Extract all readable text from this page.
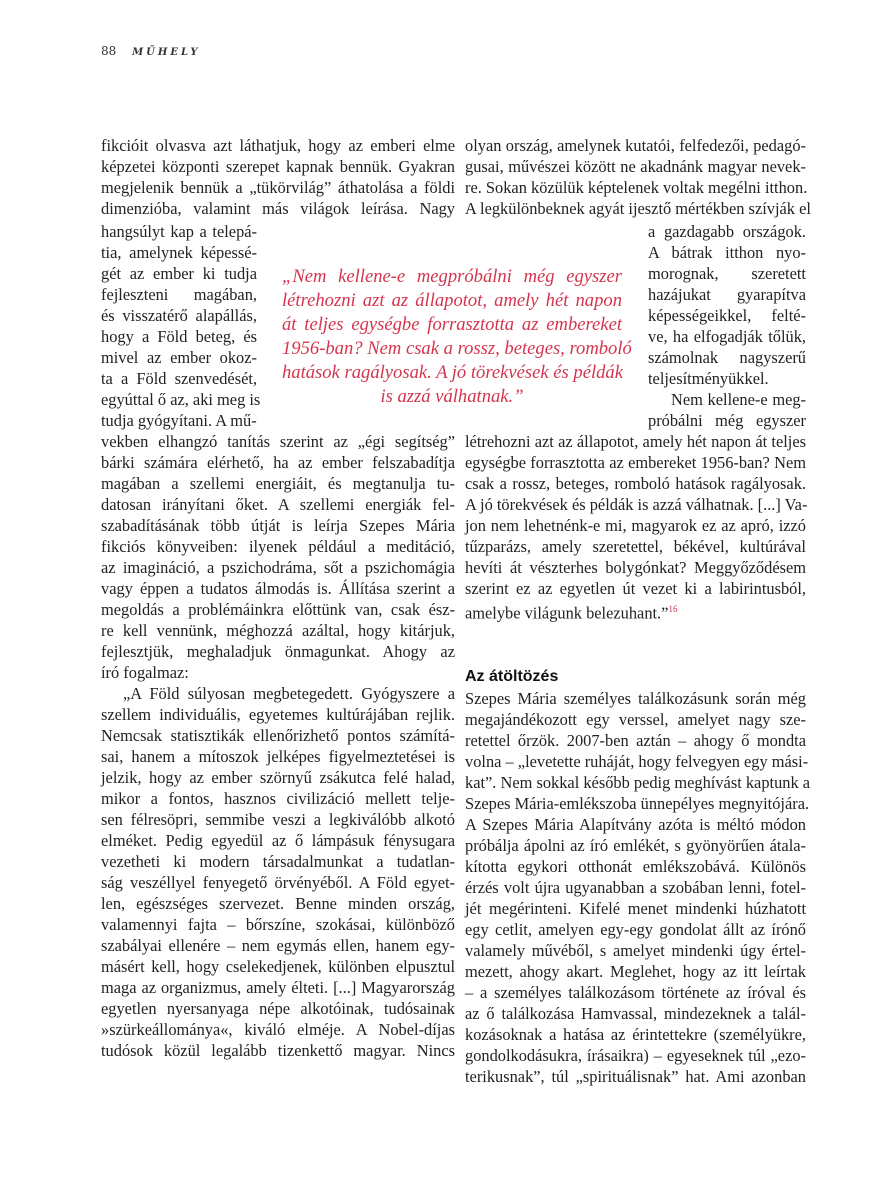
88 MŰHELY
fikcióit olvasva azt láthatjuk, hogy az emberi elme
képzetei központi szerepet kapnak bennük. Gyakran
megjelenik bennük a „tükörvilág” áthatolása a földi
dimenzióba, valamint más világok leírása. Nagy
hangsúlyt kap a telepá-
tia, amelynek képessé-
gét az ember ki tudja
fejleszteni magában,
és visszatérő alapállás,
hogy a Föld beteg, és
mivel az ember okoz-
ta a Föld szenvedését,
egyúttal ő az, aki meg is
tudja gyógyítani. A mű-
vekben elhangzó tanítás szerint az „égi segítség”
bárki számára elérhető, ha az ember felszabadítja
magában a szellemi energiáit, és megtanulja tu-
datosan irányítani őket. A szellemi energiák fel-
szabadításának több útját is leírja Szepes Mária
fikciós könyveiben: ilyenek például a meditáció,
az imagináció, a pszichodráma, sőt a pszichomágia
vagy éppen a tudatos álmodás is. Állítása szerint a
megoldás a problémáinkra előttünk van, csak ész-
re kell vennünk, méghozzá azáltal, hogy kitárjuk,
fejlesztjük, meghaladjuk önmagunkat. Ahogy az
író fogalmaz:
„A Föld súlyosan megbetegedett. Gyógyszere a
szellem individuális, egyetemes kultúrájában rejlik.
Nemcsak statisztikák ellenőrizhető pontos számítá-
sai, hanem a mítoszok jelképes figyelmeztetései is
jelzik, hogy az ember szörnyű zsákutca felé halad,
mikor a fontos, hasznos civilizáció mellett telje-
sen félresöpri, semmibe veszi a legkiválóbb alkotó
elméket. Pedig egyedül az ő lámpásuk fénysugara
vezetheti ki modern társadalmunkat a tudatlan-
ság veszéllyel fenyegető örvényéből. A Föld egyet-
len, egészséges szervezet. Benne minden ország,
valamennyi fajta – bőrszíne, szokásai, különböző
szabályai ellenére – nem egymás ellen, hanem egy-
másért kell, hogy cselekedjenek, különben elpusztul
maga az organizmus, amely élteti. [...] Magyarország
egyetlen nyersanyaga népe alkotóinak, tudósainak
»szürkeállománya«, kiváló elméje. A Nobel-díjas
tudósok közül legalább tizenkettő magyar. Nincs
„Nem kellene-e megpróbálni még egyszer
létrehozni azt az állapotot, amely hét napon
át teljes egységbe forrasztotta az embereket
1956-ban? Nem csak a rossz, beteges, romboló
hatások ragályosak. A jó törekvések és példák
is azzá válhatnak.”
olyan ország, amelynek kutatói, felfedezői, pedagó-
gusai, művészei között ne akadnánk magyar nevek-
re. Sokan közülük képtelenek voltak megélni itthon.
A legkülönbeknek agyát ijesztő mértékben szívják el
a gazdagabb országok.
A bátrak itthon nyo-
morognak, szeretett
hazájukat gyarapítva
képességeikkel, felté-
ve, ha elfogadják tőlük,
számolnak nagyszerű
teljesítményükkel.
Nem kellene-e meg-
próbálni még egyszer
létrehozni azt az állapotot, amely hét napon át teljes
egységbe forrasztotta az embereket 1956-ban? Nem
csak a rossz, beteges, romboló hatások ragályosak.
A jó törekvések és példák is azzá válhatnak. [...] Va-
jon nem lehetnénk-e mi, magyarok ez az apró, izzó
tűzparázs, amely szeretettel, békével, kultúrával
hevíti át vészterhes bolygónkat? Meggyőződésem
szerint ez az egyetlen út vezet ki a labirintusból,
amelybe világunk belezuhant.”$^{16}$
Az átöltözés
Szepes Mária személyes találkozásunk során még
megajándékozott egy verssel, amelyet nagy sze-
retettel őrzök. 2007-ben aztán – ahogy ő mondta
volna – „levetette ruháját, hogy felvegyen egy mási-
kat”. Nem sokkal később pedig meghívást kaptunk a
Szepes Mária-emlékszoba ünnepélyes megnyitójára.
A Szepes Mária Alapítvány azóta is méltó módon
próbálja ápolni az író emlékét, s gyönyörűen átala-
kította egykori otthonát emlékszobává. Különös
érzés volt újra ugyanabban a szobában lenni, fotel-
jét megérinteni. Kifelé menet mindenki húzhatott
egy cetlit, amelyen egy-egy gondolat állt az írónő
valamely művéből, s amelyet mindenki úgy értel-
mezett, ahogy akart. Meglehet, hogy az itt leírtak
– a személyes találkozásom története az íróval és
az ő találkozása Hamvassal, mindezeknek a talál-
kozásoknak a hatása az érintettekre (személyükre,
gondolkodásukra, írásaikra) – egyeseknek túl „ezo-
terikusnak”, túl „spirituálisnak” hat. Ami azonban
